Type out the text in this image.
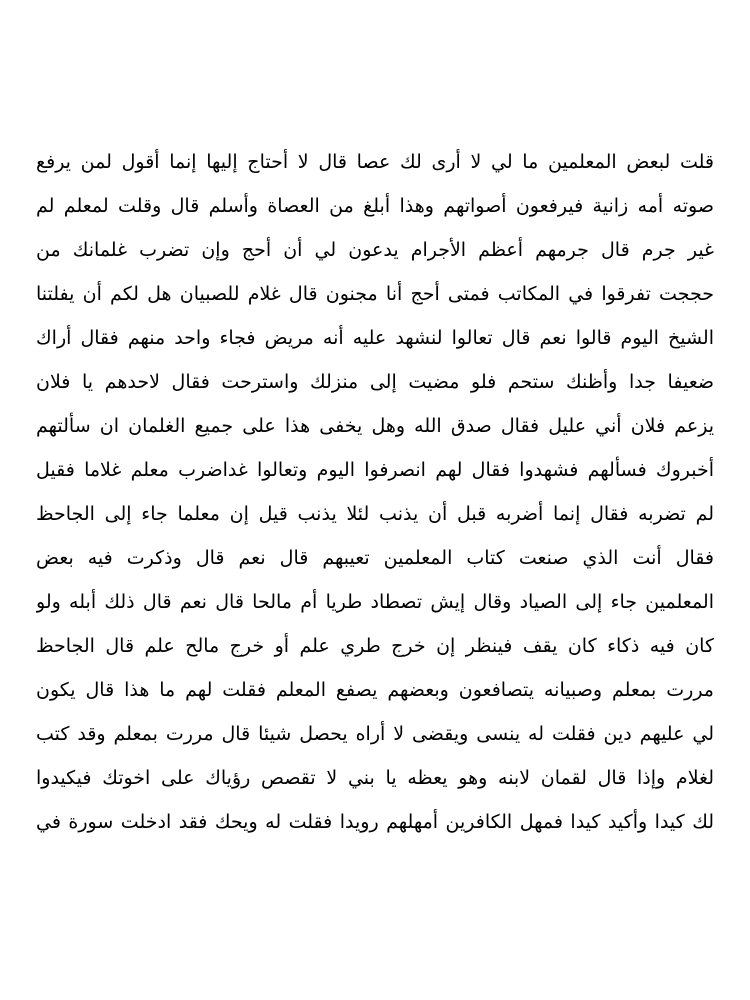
قلت لبعض المعلمين ما لي لا أرى لك عصا قال لا أحتاج إليها إنما أقول لمن يرفع
صوته أمه زانية فيرفعون أصواتهم وهذا أبلغ من العصاة وأسلم قال وقلت لمعلم لم
غير جرم قال جرمهم أعظم الأجرام يدعون لي أن أحج وإن تضرب غلمانك من
حججت تفرقوا في المكاتب فمتى أحج أنا مجنون قال غلام للصبيان هل لكم أن يفلتنا
الشيخ اليوم قالوا نعم قال تعالوا لنشهد عليه أنه مريض فجاء واحد منهم فقال أراك
ضعيفا جدا وأظنك ستحم فلو مضيت إلى منزلك واسترحت فقال لاحدهم يا فلان
يزعم فلان أني عليل فقال صدق الله وهل يخفى هذا على جميع الغلمان ان سألتهم
أخبروك فسألهم فشهدوا فقال لهم انصرفوا اليوم وتعالوا غداضرب معلم غلاما فقيل
لم تضربه فقال إنما أضربه قبل أن يذنب لئلا يذنب قيل إن معلما جاء إلى الجاحظ
فقال أنت الذي صنعت كتاب المعلمين تعيبهم قال نعم قال وذكرت فيه بعض
المعلمين جاء إلى الصياد وقال إيش تصطاد طريا أم مالحا قال نعم قال ذلك أبله ولو
كان فيه ذكاء كان يقف فينظر إن خرج طري علم أو خرج مالح علم قال الجاحظ
مررت بمعلم وصبيانه يتصافعون وبعضهم يصفع المعلم فقلت لهم ما هذا قال يكون
لي عليهم دين فقلت له ينسى ويقضى لا أراه يحصل شيئا قال مررت بمعلم وقد كتب
لغلام وإذا قال لقمان لابنه وهو يعظه يا بني لا تقصص رؤياك على اخوتك فيكيدوا
لك كيدا وأكيد كيدا فمهل الكافرين أمهلهم رويدا فقلت له ويحك فقد ادخلت سورة في
